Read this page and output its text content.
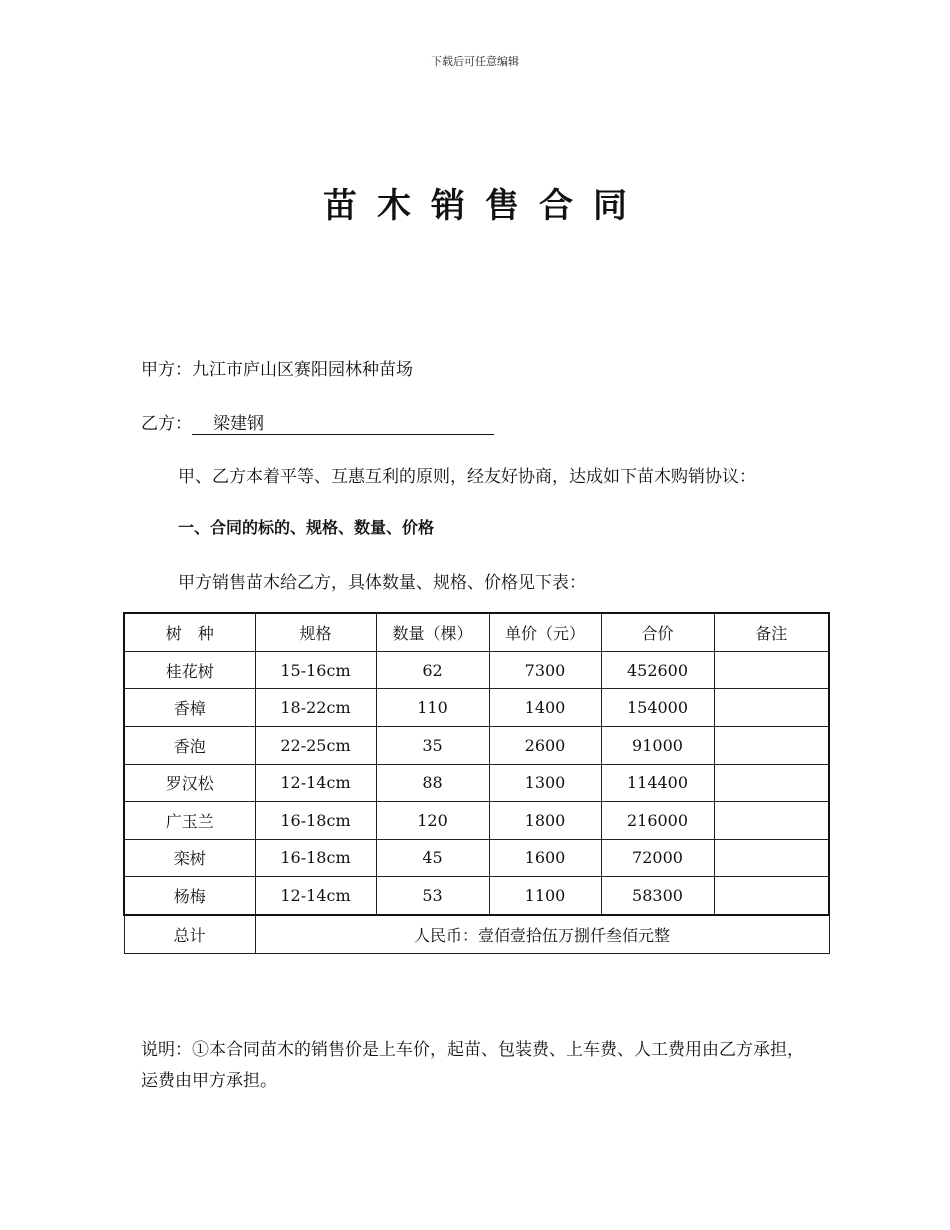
下载后可任意编辑
苗木销售合同
甲方：九江市庐山区赛阳园林种苗场
乙方： 梁建钢
甲、乙方本着平等、互惠互利的原则，经友好协商，达成如下苗木购销协议：
一、合同的标的、规格、数量、价格
甲方销售苗木给乙方，具体数量、规格、价格见下表：
树　种	规格	数量（棵）	单价（元）	合价	备注
桂花树	15-16cm	62	7300	452600	
香樟	18-22cm	110	1400	154000	
香泡	22-25cm	35	2600	91000	
罗汉松	12-14cm	88	1300	114400	
广玉兰	16-18cm	120	1800	216000	
栾树	16-18cm	45	1600	72000	
杨梅	12-14cm	53	1100	58300	
总计	人民币：壹佰壹拾伍万捌仟叁佰元整				
说明：①本合同苗木的销售价是上车价，起苗、包装费、上车费、人工费用由乙方承担，运费由甲方承担。
